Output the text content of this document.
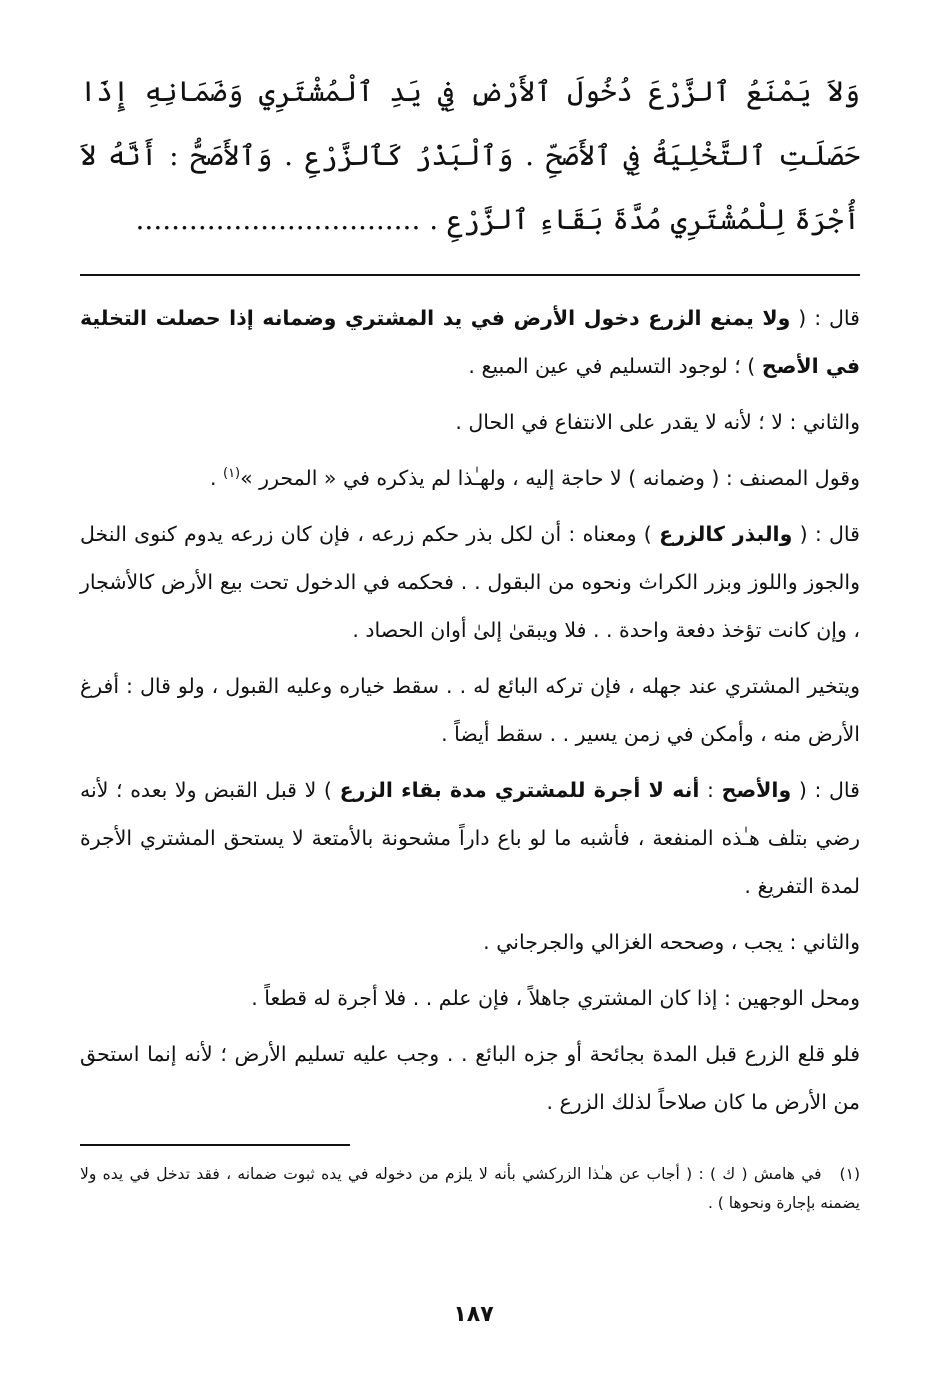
وَلاَ يَمْنَعُ ٱلزَّرْعَ دُخُولَ ٱلأَرْضِ فِي يَدِ ٱلْمُشْتَرِي وَضَمَانِهِ إِذَا حَصَلَتِ ٱلتَّخْلِيَةُ فِي ٱلأَصَحِّ . وَٱلْبَذْرُ كَٱلزَّرْعِ . وَٱلأَصَحُّ : أَنَّهُ لاَ أُجْرَةَ لِلْمُشْتَرِي مُدَّةَ بَقَاءِ ٱلزَّرْعِ . ................................

قال : ( ولا يمنع الزرع دخول الأرض في يد المشتري وضمانه إذا حصلت التخلية في الأصح ) ؛ لوجود التسليم في عين المبيع .

والثاني : لا ؛ لأنه لا يقدر على الانتفاع في الحال .

وقول المصنف : ( وضمانه ) لا حاجة إليه ، ولهـٰذا لم يذكره في « المحرر »$^{(١)}$ .

قال : ( والبذر كالزرع ) ومعناه : أن لكل بذر حكم زرعه ، فإن كان زرعه يدوم كنوى النخل والجوز واللوز وبزر الكراث ونحوه من البقول . . فحكمه في الدخول تحت بيع الأرض كالأشجار ، وإن كانت تؤخذ دفعة واحدة . . فلا ويبقىٰ إلىٰ أوان الحصاد .

ويتخير المشتري عند جهله ، فإن تركه البائع له . . سقط خياره وعليه القبول ، ولو قال : أفرغ الأرض منه ، وأمكن في زمن يسير . . سقط أيضاً .

قال : ( والأصح : أنه لا أجرة للمشتري مدة بقاء الزرع ) لا قبل القبض ولا بعده ؛ لأنه رضي بتلف هـٰذه المنفعة ، فأشبه ما لو باع داراً مشحونة بالأمتعة لا يستحق المشتري الأجرة لمدة التفريغ .

والثاني : يجب ، وصححه الغزالي والجرجاني .

ومحل الوجهين : إذا كان المشتري جاهلاً ، فإن علم . . فلا أجرة له قطعاً .

فلو قلع الزرع قبل المدة بجائحة أو جزه البائع . . وجب عليه تسليم الأرض ؛ لأنه إنما استحق من الأرض ما كان صلاحاً لذلك الزرع .

(١)في هامش ( ك ) : ( أجاب عن هـٰذا الزركشي بأنه لا يلزم من دخوله في يده ثبوت ضمانه ، فقد تدخل في يده ولا يضمنه بإجارة ونحوها ) .
١٨٧
